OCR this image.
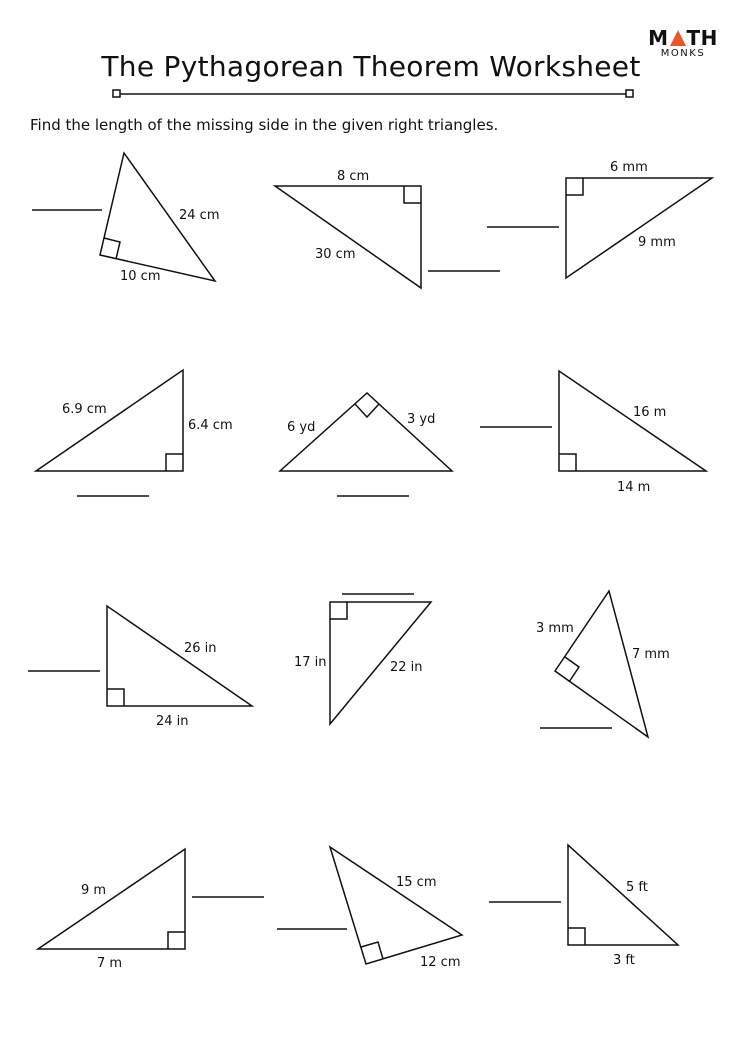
The Pythagorean Theorem Worksheet
M TH
MONKS
Find the length of the missing side in the given right triangles.
24 cm
10 cm
8 cm
30 cm
6 mm
9 mm
6.9 cm
6.4 cm	6 yd
3 yd	16 m
14 m
26 in
24 in
17 in	22 in
3 mm
7 mm
9 m
7 m
15 cm
12 cm
5 ft
3 ft
